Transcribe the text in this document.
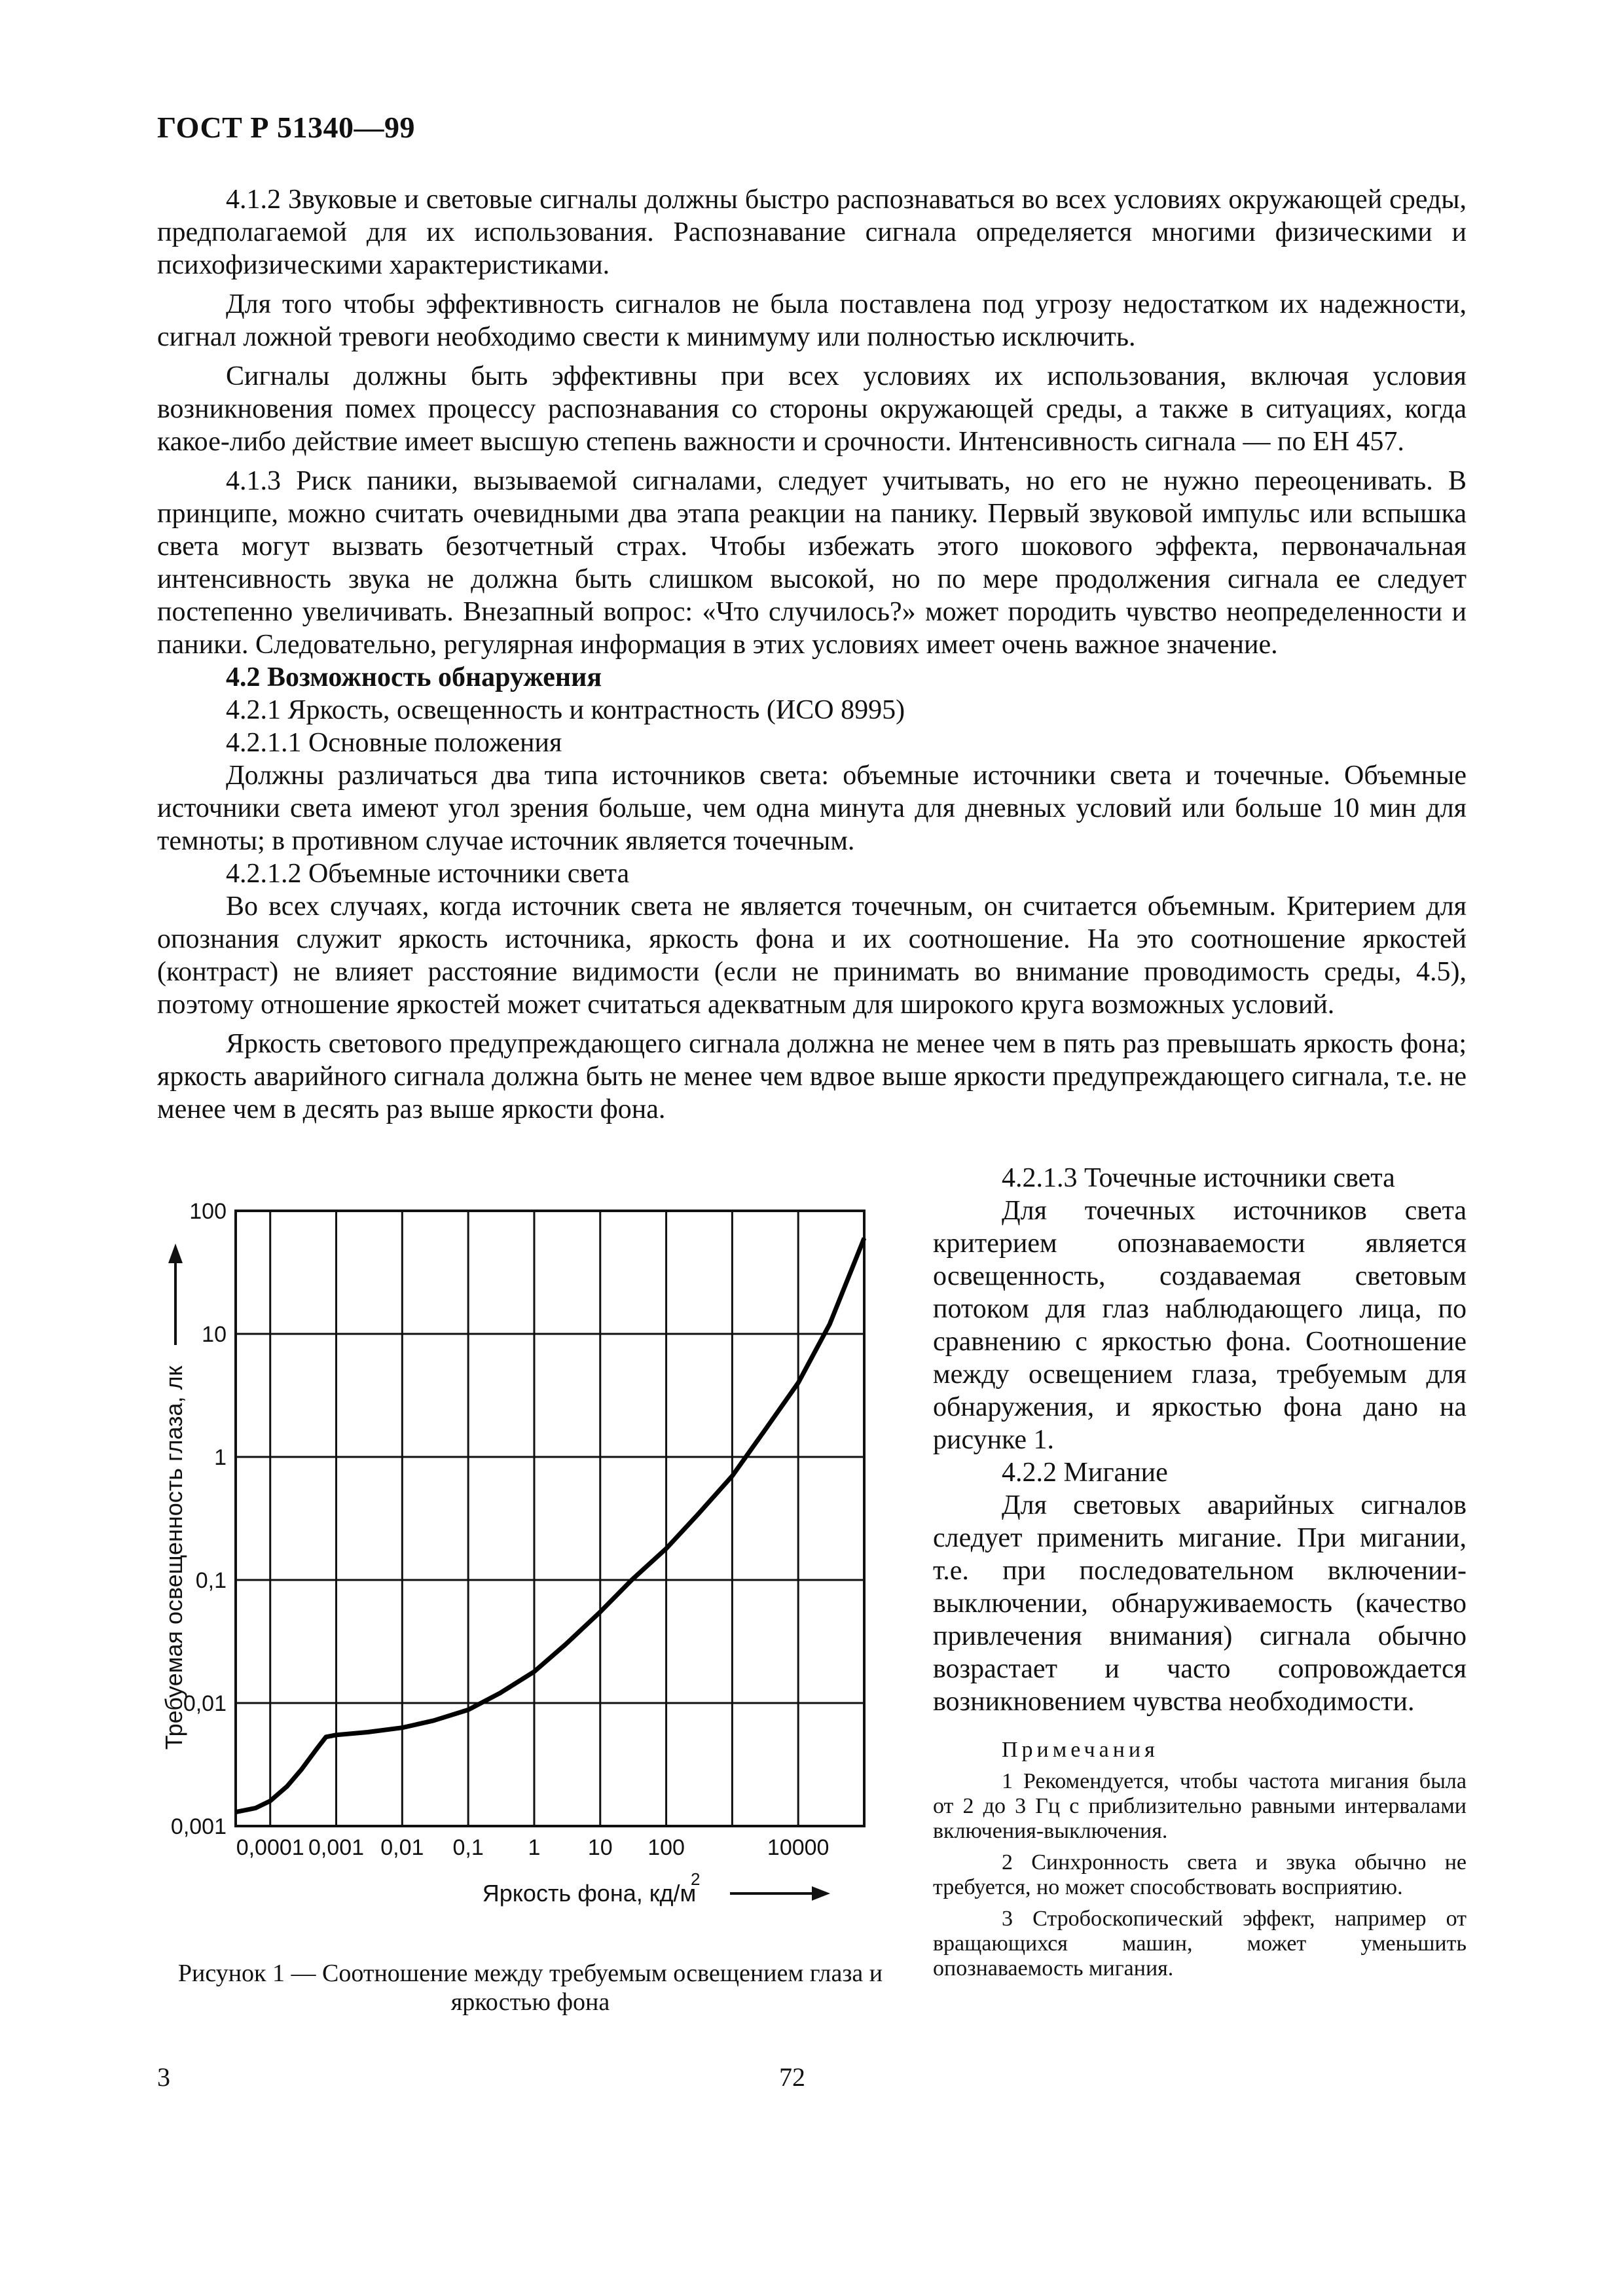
ГОСТ Р 51340—99

4.1.2 Звуковые и световые сигналы должны быстро распознаваться во всех условиях окружающей среды, предполагаемой для их использования. Распознавание сигнала определяется многими физическими и психофизическими характеристиками.

Для того чтобы эффективность сигналов не была поставлена под угрозу недостатком их надежности, сигнал ложной тревоги необходимо свести к минимуму или полностью исключить.

Сигналы должны быть эффективны при всех условиях их использования, включая условия возникновения помех процессу распознавания со стороны окружающей среды, а также в ситуациях, когда какое-либо действие имеет высшую степень важности и срочности. Интенсивность сигнала — по ЕН 457.

4.1.3 Риск паники, вызываемой сигналами, следует учитывать, но его не нужно переоценивать. В принципе, можно считать очевидными два этапа реакции на панику. Первый звуковой импульс или вспышка света могут вызвать безотчетный страх. Чтобы избежать этого шокового эффекта, первоначальная интенсивность звука не должна быть слишком высокой, но по мере продолжения сигнала ее следует постепенно увеличивать. Внезапный вопрос: «Что случилось?» может породить чувство неопределенности и паники. Следовательно, регулярная информация в этих условиях имеет очень важное значение.

4.2 Возможность обнаружения

4.2.1 Яркость, освещенность и контрастность (ИСО 8995)

4.2.1.1 Основные положения

Должны различаться два типа источников света: объемные источники света и точечные. Объемные источники света имеют угол зрения больше, чем одна минута для дневных условий или больше 10 мин для темноты; в противном случае источник является точечным.

4.2.1.2 Объемные источники света

Во всех случаях, когда источник света не является точечным, он считается объемным. Критерием для опознания служит яркость источника, яркость фона и их соотношение. На это соотношение яркостей (контраст) не влияет расстояние видимости (если не принимать во внимание проводимость среды, 4.5), поэтому отношение яркостей может считаться адекватным для широкого круга возможных условий.

Яркость светового предупреждающего сигнала должна не менее чем в пять раз превышать яркость фона; яркость аварийного сигнала должна быть не менее чем вдвое выше яркости предупреждающего сигнала, т.е. не менее чем в десять раз выше яркости фона.

0,001
0,01
0,1
1
10
100
0,0001 0,001 0,01 0,1 1 10 100	10000
Яркость фона, кд/м
2
Требуемая освещенность глаза, лк
Рисунок 1 — Соотношение между требуемым освещением глаза и яркостью фона

4.2.1.3 Точечные источники света

Для точечных источников света критерием опознаваемости является освещенность, создаваемая световым потоком для глаз наблюдающего лица, по сравнению с яркостью фона. Соотношение между освещением глаза, требуемым для обнаружения, и яркостью фона дано на рисунке 1.

4.2.2 Мигание

Для световых аварийных сигналов следует применить мигание. При мигании, т.е. при последовательном включении-выключении, обнаруживаемость (качество привлечения внимания) сигнала обычно возрастает и часто сопровождается возникновением чувства необходимости.

Примечания

1 Рекомендуется, чтобы частота мигания была от 2 до 3 Гц с приблизительно равными интервалами включения-выключения.

2 Синхронность света и звука обычно не требуется, но может способствовать восприятию.

3 Стробоскопический эффект, например от вращающихся машин, может уменьшить опознаваемость мигания.

3	72
